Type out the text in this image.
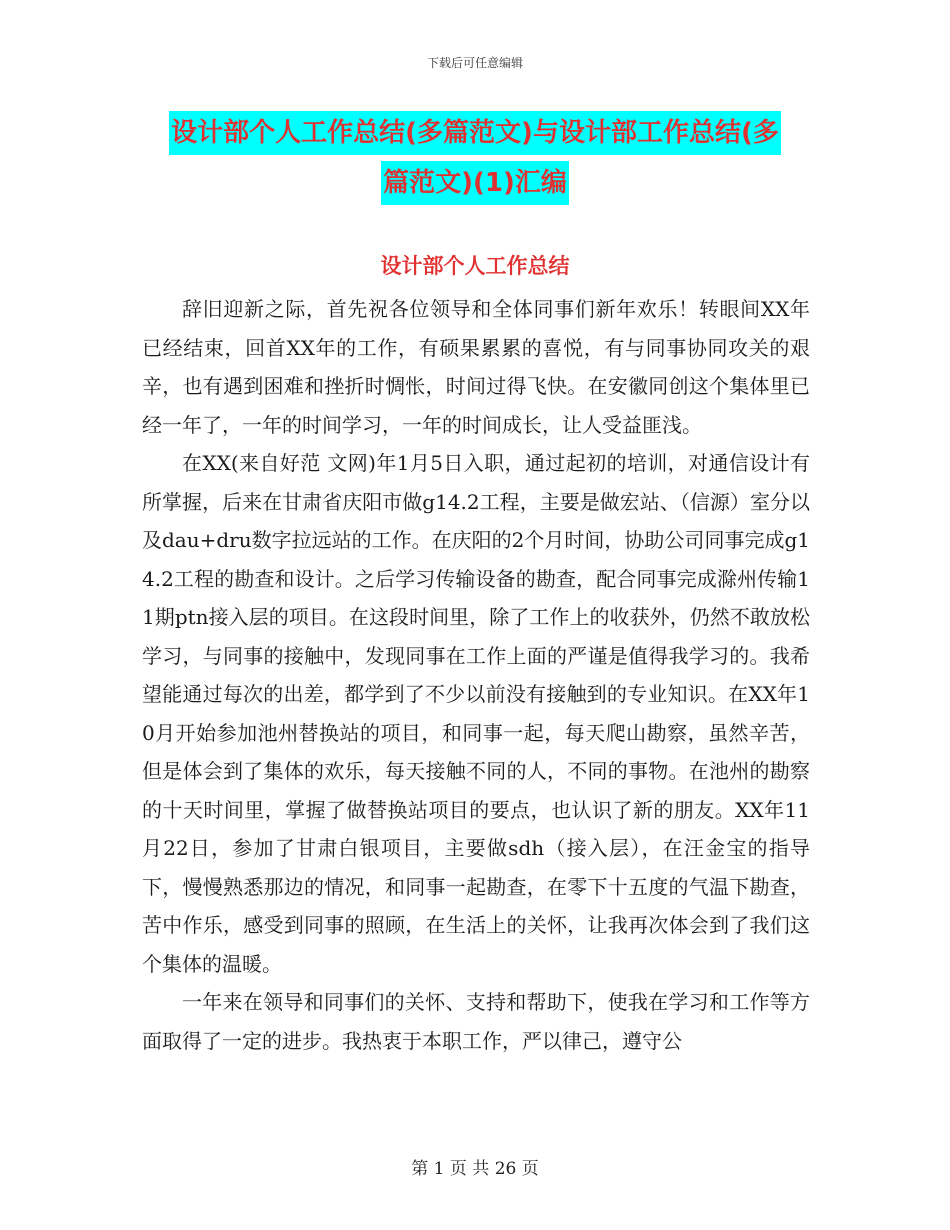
下载后可任意编辑
设计部个人工作总结(多篇范文)与设计部工作总结(多
篇范文)(1)汇编
设计部个人工作总结

辞旧迎新之际，首先祝各位领导和全体同事们新年欢乐！转眼间XX年已经结束，回首XX年的工作，有硕果累累的喜悦，有与同事协同攻关的艰辛，也有遇到困难和挫折时惆怅，时间过得飞快。在安徽同创这个集体里已经一年了，一年的时间学习，一年的时间成长，让人受益匪浅。

在XX(来自好范 文网)年1月5日入职，通过起初的培训，对通信设计有所掌握，后来在甘肃省庆阳市做g14.2工程，主要是做宏站、（信源）室分以及dau+dru数字拉远站的工作。在庆阳的2个月时间，协助公司同事完成g14.2工程的勘查和设计。之后学习传输设备的勘查，配合同事完成滁州传输11期ptn接入层的项目。在这段时间里，除了工作上的收获外，仍然不敢放松学习，与同事的接触中，发现同事在工作上面的严谨是值得我学习的。我希望能通过每次的出差，都学到了不少以前没有接触到的专业知识。在XX年10月开始参加池州替换站的项目，和同事一起，每天爬山勘察，虽然辛苦，但是体会到了集体的欢乐，每天接触不同的人，不同的事物。在池州的勘察的十天时间里，掌握了做替换站项目的要点，也认识了新的朋友。XX年11月22日，参加了甘肃白银项目，主要做sdh（接入层），在汪金宝的指导下，慢慢熟悉那边的情况，和同事一起勘查，在零下十五度的气温下勘查，苦中作乐，感受到同事的照顾，在生活上的关怀，让我再次体会到了我们这个集体的温暖。

一年来在领导和同事们的关怀、支持和帮助下，使我在学习和工作等方面取得了一定的进步。我热衷于本职工作，严以律己，遵守公

第 1 页 共 26 页
